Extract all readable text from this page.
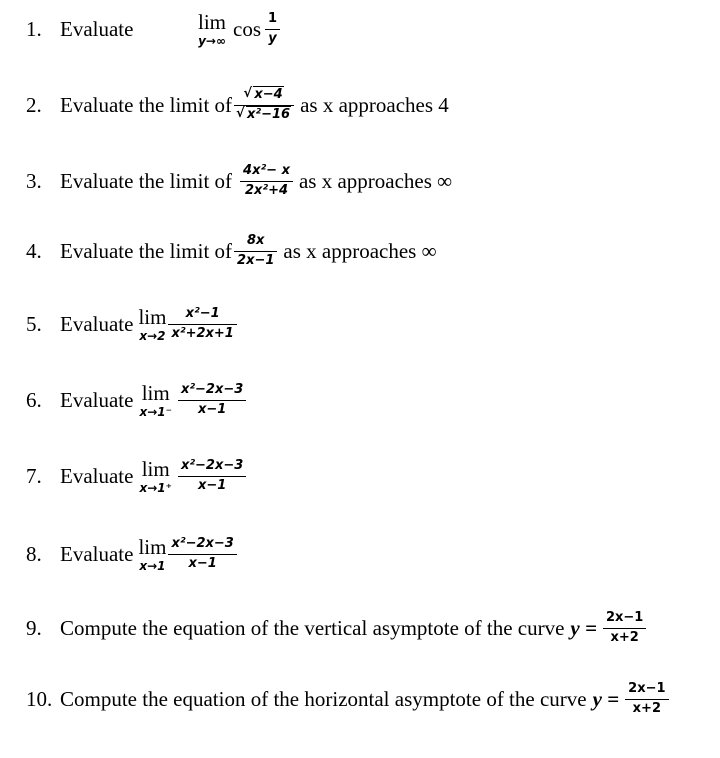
1. Evaluate	lim
y→∞ $\cos \frac{1}{y}$
2. Evaluate the limit of
√ x−4
√ x²−16 as x approaches 4
3. Evaluate the limit of $\frac{\text{4x²− x}}{\text{2x²+4}}$ as x approaches ∞
4. Evaluate the limit of $\frac{8x}{2x-1}$ as x approaches ∞
5. Evaluate lim
$x\to 2 \frac{\text{x²−1}}{\text{x²+2x+1}}$
6. Evaluate lim
$x\to 1^- \frac{\text{x²−2x−3}}{x-1}$
7. Evaluate lim
$x\to 1^+ \frac{\text{x²−2x−3}}{x-1}$
8. Evaluate lim
$x\to 1 \frac{\text{x²−2x−3}}{x-1}$
9. Compute the equation of the vertical asymptote of the curve $y = \frac{2x-1}{x+2}$
10. Compute the equation of the horizontal asymptote of the curve $y = \frac{2x-1}{x+2}$
